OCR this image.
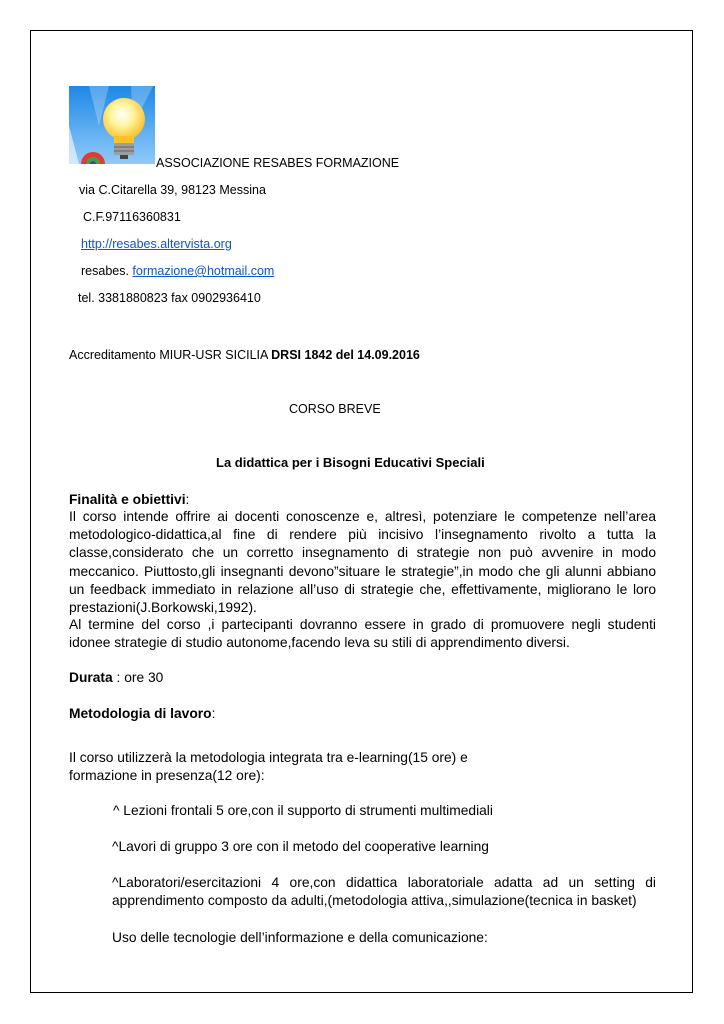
ASSOCIAZIONE RESABES FORMAZIONE
via C.Citarella 39, 98123 Messina
C.F.97116360831
http://resabes.altervista.org
resabes. formazione@hotmail.com
tel. 3381880823 fax 0902936410
Accreditamento MIUR-USR SICILIA DRSI 1842 del 14.09.2016
CORSO BREVE
La didattica per i Bisogni Educativi Speciali
Finalità e obiettivi:

Il corso intende offrire ai docenti conoscenze e, altresì, potenziare le competenze nell’area metodologico-didattica,al fine di rendere più incisivo l’insegnamento rivolto a tutta la classe,considerato che un corretto insegnamento di strategie non può avvenire in modo meccanico. Piuttosto,gli insegnanti devono”situare le strategie”,in modo che gli alunni abbiano un feedback immediato in relazione all’uso di strategie che, effettivamente, migliorano le loro prestazioni(J.Borkowski,1992).

Al termine del corso ,i partecipanti dovranno essere in grado di promuovere negli studenti idonee strategie di studio autonome,facendo leva su stili di apprendimento diversi.

Durata : ore 30
Metodologia di lavoro:

Il corso utilizzerà la metodologia integrata tra e-learning(15 ore) e formazione in presenza(12 ore):

^ Lezioni frontali 5 ore,con il supporto di strumenti multimediali
^Lavori di gruppo 3 ore con il metodo del cooperative learning

^Laboratori/esercitazioni 4 ore,con didattica laboratoriale adatta ad un setting di apprendimento composto da adulti,(metodologia attiva,,simulazione(tecnica in basket)

Uso delle tecnologie dell’informazione e della comunicazione:
